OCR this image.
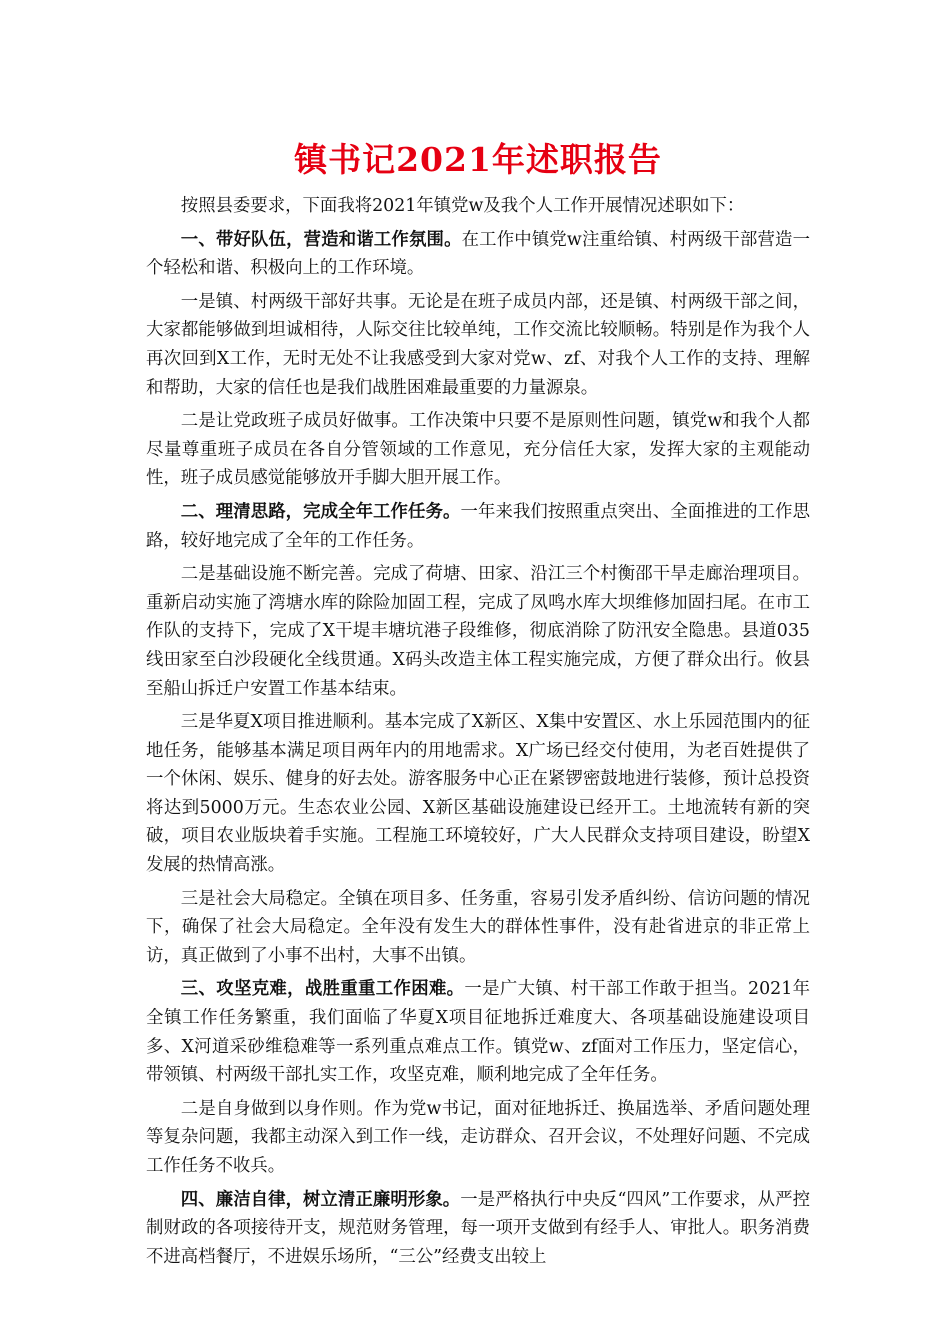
镇书记2021年述职报告

按照县委要求，下面我将2021年镇党w及我个人工作开展情况述职如下：

一、带好队伍，营造和谐工作氛围。在工作中镇党w注重给镇、村两级干部营造一个轻松和谐、积极向上的工作环境。

一是镇、村两级干部好共事。无论是在班子成员内部，还是镇、村两级干部之间，大家都能够做到坦诚相待，人际交往比较单纯，工作交流比较顺畅。特别是作为我个人再次回到X工作，无时无处不让我感受到大家对党w、zf、对我个人工作的支持、理解和帮助，大家的信任也是我们战胜困难最重要的力量源泉。

二是让党政班子成员好做事。工作决策中只要不是原则性问题，镇党w和我个人都尽量尊重班子成员在各自分管领域的工作意见，充分信任大家，发挥大家的主观能动性，班子成员感觉能够放开手脚大胆开展工作。

二、理清思路，完成全年工作任务。一年来我们按照重点突出、全面推进的工作思路，较好地完成了全年的工作任务。

二是基础设施不断完善。完成了荷塘、田家、沿江三个村衡邵干旱走廊治理项目。重新启动实施了湾塘水库的除险加固工程，完成了凤鸣水库大坝维修加固扫尾。在市工作队的支持下，完成了X干堤丰塘坑港子段维修，彻底消除了防汛安全隐患。县道035线田家至白沙段硬化全线贯通。X码头改造主体工程实施完成，方便了群众出行。攸县至船山拆迁户安置工作基本结束。

三是华夏X项目推进顺利。基本完成了X新区、X集中安置区、水上乐园范围内的征地任务，能够基本满足项目两年内的用地需求。X广场已经交付使用，为老百姓提供了一个休闲、娱乐、健身的好去处。游客服务中心正在紧锣密鼓地进行装修，预计总投资将达到5000万元。生态农业公园、X新区基础设施建设已经开工。土地流转有新的突破，项目农业版块着手实施。工程施工环境较好，广大人民群众支持项目建设，盼望X发展的热情高涨。

三是社会大局稳定。全镇在项目多、任务重，容易引发矛盾纠纷、信访问题的情况下，确保了社会大局稳定。全年没有发生大的群体性事件，没有赴省进京的非正常上访，真正做到了小事不出村，大事不出镇。

三、攻坚克难，战胜重重工作困难。一是广大镇、村干部工作敢于担当。2021年全镇工作任务繁重，我们面临了华夏X项目征地拆迁难度大、各项基础设施建设项目多、X河道采砂维稳难等一系列重点难点工作。镇党w、zf面对工作压力，坚定信心，带领镇、村两级干部扎实工作，攻坚克难，顺利地完成了全年任务。

二是自身做到以身作则。作为党w书记，面对征地拆迁、换届选举、矛盾问题处理等复杂问题，我都主动深入到工作一线，走访群众、召开会议，不处理好问题、不完成工作任务不收兵。

四、廉洁自律，树立清正廉明形象。一是严格执行中央反“四风”工作要求，从严控制财政的各项接待开支，规范财务管理，每一项开支做到有经手人、审批人。职务消费不进高档餐厅，不进娱乐场所，“三公”经费支出较上
